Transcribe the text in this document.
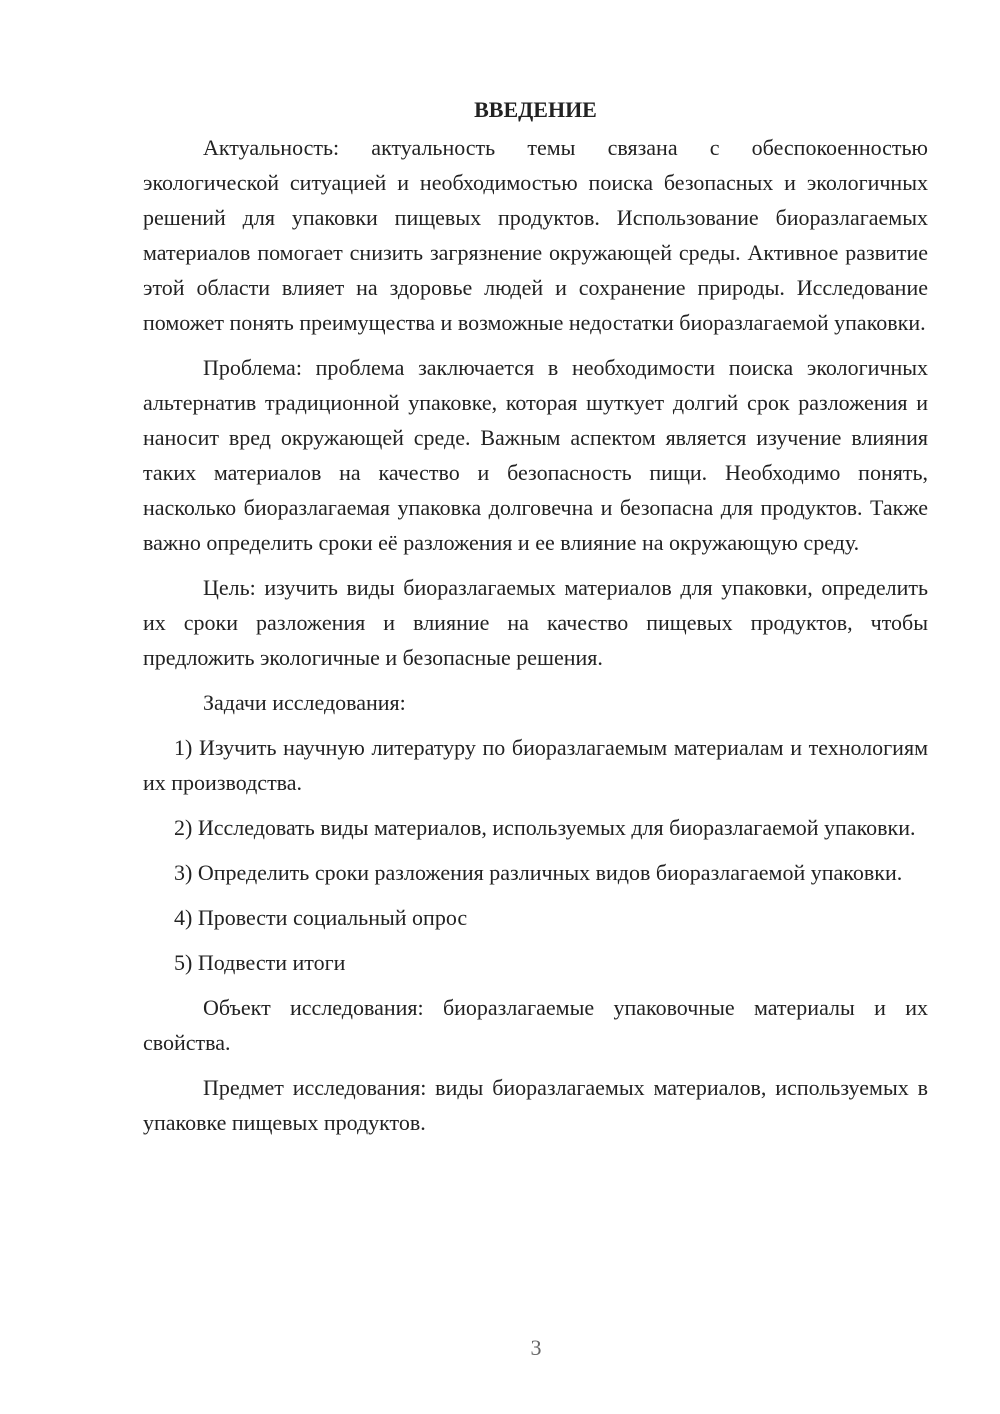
ВВЕДЕНИЕ

Актуальность: актуальность темы связана с обеспокоенностью экологической ситуацией и необходимостью поиска безопасных и экологичных решений для упаковки пищевых продуктов. Использование биоразлагаемых материалов помогает снизить загрязнение окружающей среды. Активное развитие этой области влияет на здоровье людей и сохранение природы. Исследование поможет понять преимущества и возможные недостатки биоразлагаемой упаковки.

Проблема: проблема заключается в необходимости поиска экологичных альтернатив традиционной упаковке, которая шуткует долгий срок разложения и наносит вред окружающей среде. Важным аспектом является изучение влияния таких материалов на качество и безопасность пищи. Необходимо понять, насколько биоразлагаемая упаковка долговечна и безопасна для продуктов. Также важно определить сроки её разложения и ее влияние на окружающую среду.

Цель: изучить виды биоразлагаемых материалов для упаковки, определить их сроки разложения и влияние на качество пищевых продуктов, чтобы предложить экологичные и безопасные решения.

Задачи исследования:

1) Изучить научную литературу по биоразлагаемым материалам и технологиям их производства.

2) Исследовать виды материалов, используемых для биоразлагаемой упаковки.

3) Определить сроки разложения различных видов биоразлагаемой упаковки.

4) Провести социальный опрос

5) Подвести итоги

Объект исследования: биоразлагаемые упаковочные материалы и их свойства.

Предмет исследования: виды биоразлагаемых материалов, используемых в упаковке пищевых продуктов.

3
